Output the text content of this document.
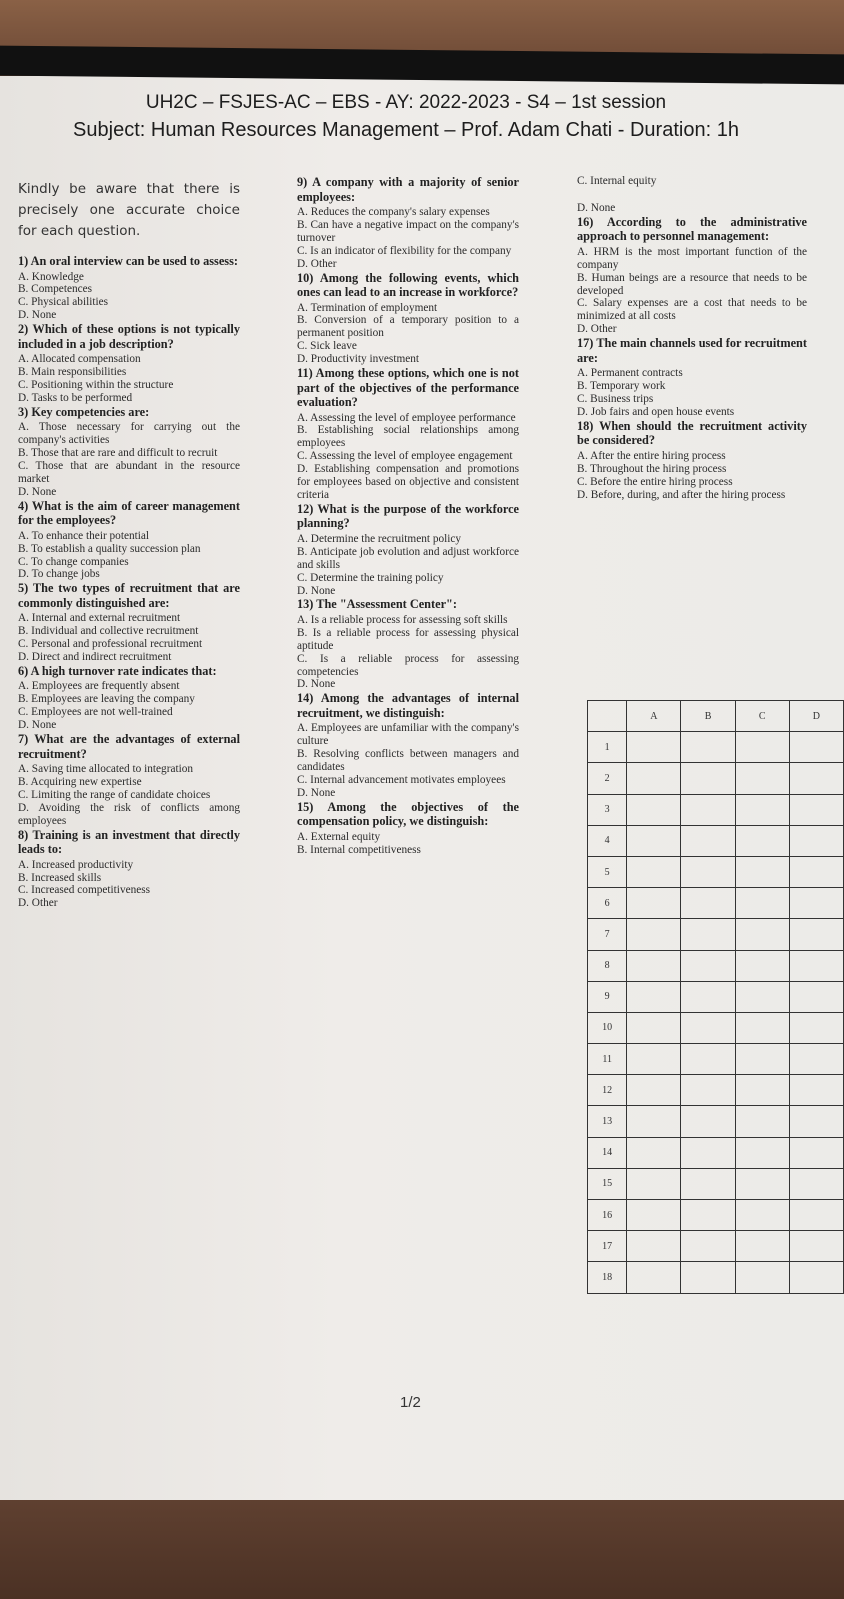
UH2C – FSJES-AC – EBS - AY: 2022-2023 - S4 – 1st session
Subject: Human Resources Management – Prof. Adam Chati - Duration: 1h
Kindly be aware that there is precisely one accurate choice for each question.
1) An oral interview can be used to assess:
A. Knowledge
B. Competences
C. Physical abilities
D. None
2) Which of these options is not typically included in a job description?
A. Allocated compensation
B. Main responsibilities
C. Positioning within the structure
D. Tasks to be performed
3) Key competencies are:
A. Those necessary for carrying out the company's activities
B. Those that are rare and difficult to recruit
C. Those that are abundant in the resource market
D. None
4) What is the aim of career management for the employees?
A. To enhance their potential
B. To establish a quality succession plan
C. To change companies
D. To change jobs
5) The two types of recruitment that are commonly distinguished are:
A. Internal and external recruitment
B. Individual and collective recruitment
C. Personal and professional recruitment
D. Direct and indirect recruitment
6) A high turnover rate indicates that:
A. Employees are frequently absent
B. Employees are leaving the company
C. Employees are not well-trained
D. None
7) What are the advantages of external recruitment?
A. Saving time allocated to integration
B. Acquiring new expertise
C. Limiting the range of candidate choices
D. Avoiding the risk of conflicts among employees
8) Training is an investment that directly leads to:
A. Increased productivity
B. Increased skills
C. Increased competitiveness
D. Other
9) A company with a majority of senior employees:
A. Reduces the company's salary expenses
B. Can have a negative impact on the company's turnover
C. Is an indicator of flexibility for the company
D. Other
10) Among the following events, which ones can lead to an increase in workforce?
A. Termination of employment
B. Conversion of a temporary position to a permanent position
C. Sick leave
D. Productivity investment
11) Among these options, which one is not part of the objectives of the performance evaluation?
A. Assessing the level of employee performance
B. Establishing social relationships among employees
C. Assessing the level of employee engagement
D. Establishing compensation and promotions for employees based on objective and consistent criteria
12) What is the purpose of the workforce planning?
A. Determine the recruitment policy
B. Anticipate job evolution and adjust workforce and skills
C. Determine the training policy
D. None
13) The "Assessment Center":
A. Is a reliable process for assessing soft skills
B. Is a reliable process for assessing physical aptitude
C. Is a reliable process for assessing competencies
D. None
14) Among the advantages of internal recruitment, we distinguish:
A. Employees are unfamiliar with the company's culture
B. Resolving conflicts between managers and candidates
C. Internal advancement motivates employees
D. None
15) Among the objectives of the compensation policy, we distinguish:
A. External equity
B. Internal competitiveness
C. Internal equity
D. None
16) According to the administrative approach to personnel management:
A. HRM is the most important function of the company
B. Human beings are a resource that needs to be developed
C. Salary expenses are a cost that needs to be minimized at all costs
D. Other
17) The main channels used for recruitment are:
A. Permanent contracts
B. Temporary work
C. Business trips
D. Job fairs and open house events
18) When should the recruitment activity be considered?
A. After the entire hiring process
B. Throughout the hiring process
C. Before the entire hiring process
D. Before, during, and after the hiring process
	A	B	C	D
1				
2				
3				
4				
5				
6				
7				
8				
9				
10				
11				
12				
13				
14				
15				
16				
17				
18				
1/2
